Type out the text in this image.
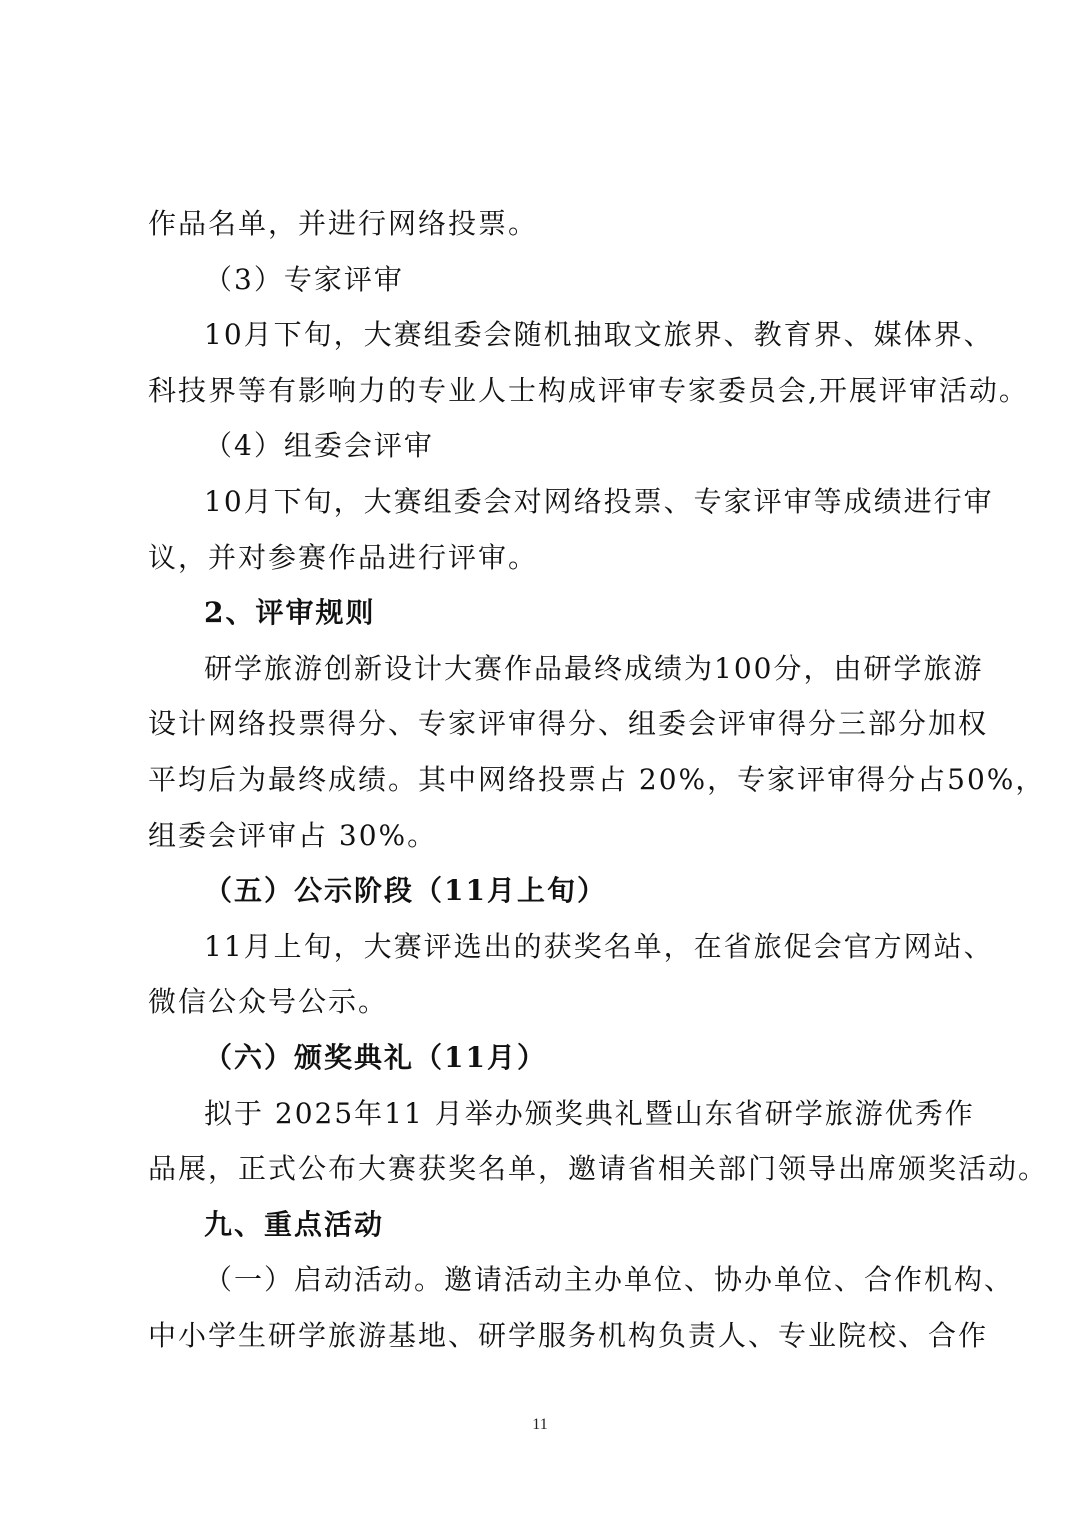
作品名单，并进行网络投票。
（3）专家评审
10月下旬，大赛组委会随机抽取文旅界、教育界、媒体界、
科技界等有影响力的专业人士构成评审专家委员会,开展评审活动。
（4）组委会评审
10月下旬，大赛组委会对网络投票、专家评审等成绩进行审
议，并对参赛作品进行评审。
2、评审规则
研学旅游创新设计大赛作品最终成绩为100分，由研学旅游
设计网络投票得分、专家评审得分、组委会评审得分三部分加权
平均后为最终成绩。其中网络投票占 20%，专家评审得分占50%，
组委会评审占 30%。
（五）公示阶段（11月上旬）
11月上旬，大赛评选出的获奖名单，在省旅促会官方网站、
微信公众号公示。
（六）颁奖典礼（11月）
拟于 2025年11 月举办颁奖典礼暨山东省研学旅游优秀作
品展，正式公布大赛获奖名单，邀请省相关部门领导出席颁奖活动。
九、重点活动
（一）启动活动。邀请活动主办单位、协办单位、合作机构、
中小学生研学旅游基地、研学服务机构负责人、专业院校、合作
11
